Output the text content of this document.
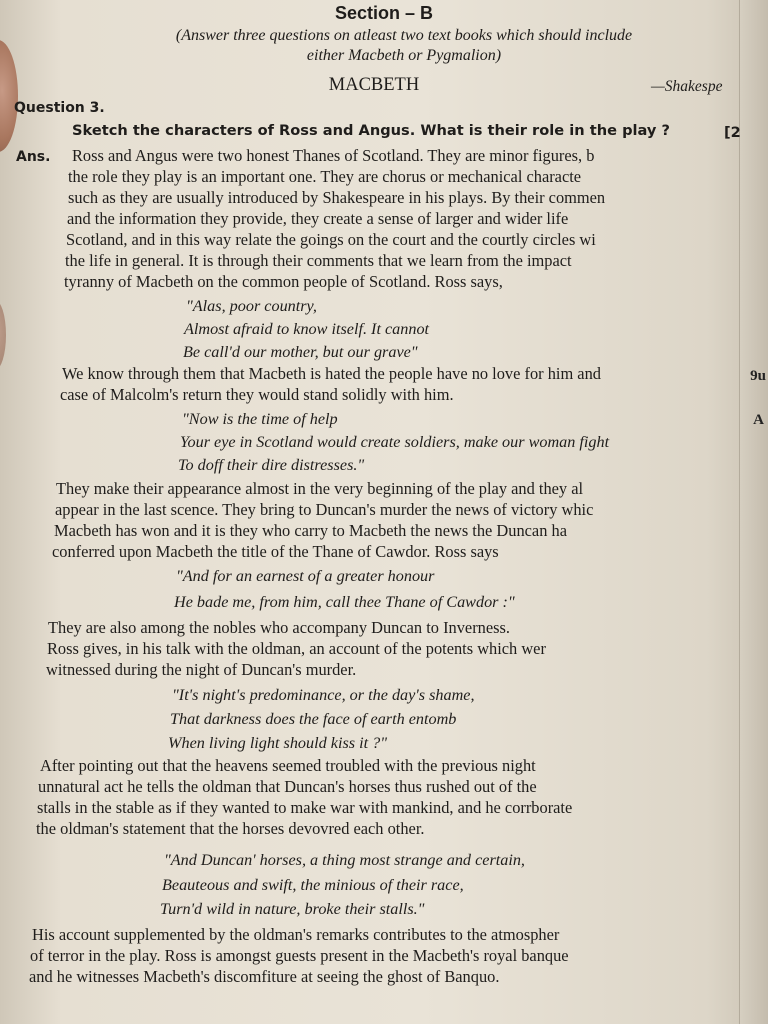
9u
A
Section – B
(Answer three questions on atleast two text books which should include
either Macbeth or Pygmalion)
MACBETH	—Shakespe
Question 3.
Sketch the characters of Ross and Angus. What is their role in the play ?	[2
Ans. Ross and Angus were two honest Thanes of Scotland. They are minor figures, b
the role they play is an important one. They are chorus or mechanical characte
such as they are usually introduced by Shakespeare in his plays. By their commen
and the information they provide, they create a sense of larger and wider life
Scotland, and in this way relate the goings on the court and the courtly circles wi
the life in general. It is through their comments that we learn from the impact
tyranny of Macbeth on the common people of Scotland. Ross says,
"Alas, poor country,
Almost afraid to know itself. It cannot
Be call'd our mother, but our grave"
We know through them that Macbeth is hated the people have no love for him and
case of Malcolm's return they would stand solidly with him.
"Now is the time of help
Your eye in Scotland would create soldiers, make our woman fight
To doff their dire distresses."
They make their appearance almost in the very beginning of the play and they al
appear in the last scence. They bring to Duncan's murder the news of victory whic
Macbeth has won and it is they who carry to Macbeth the news the Duncan ha
conferred upon Macbeth the title of the Thane of Cawdor. Ross says
"And for an earnest of a greater honour
He bade me, from him, call thee Thane of Cawdor :"
They are also among the nobles who accompany Duncan to Inverness.
Ross gives, in his talk with the oldman, an account of the potents which wer
witnessed during the night of Duncan's murder.
"It's night's predominance, or the day's shame,
That darkness does the face of earth entomb
When living light should kiss it ?"
After pointing out that the heavens seemed troubled with the previous night
unnatural act he tells the oldman that Duncan's horses thus rushed out of the
stalls in the stable as if they wanted to make war with mankind, and he corrborate
the oldman's statement that the horses devovred each other.
"And Duncan' horses, a thing most strange and certain,
Beauteous and swift, the minious of their race,
Turn'd wild in nature, broke their stalls."
His account supplemented by the oldman's remarks contributes to the atmospher
of terror in the play. Ross is amongst guests present in the Macbeth's royal banque
and he witnesses Macbeth's discomfiture at seeing the ghost of Banquo.
